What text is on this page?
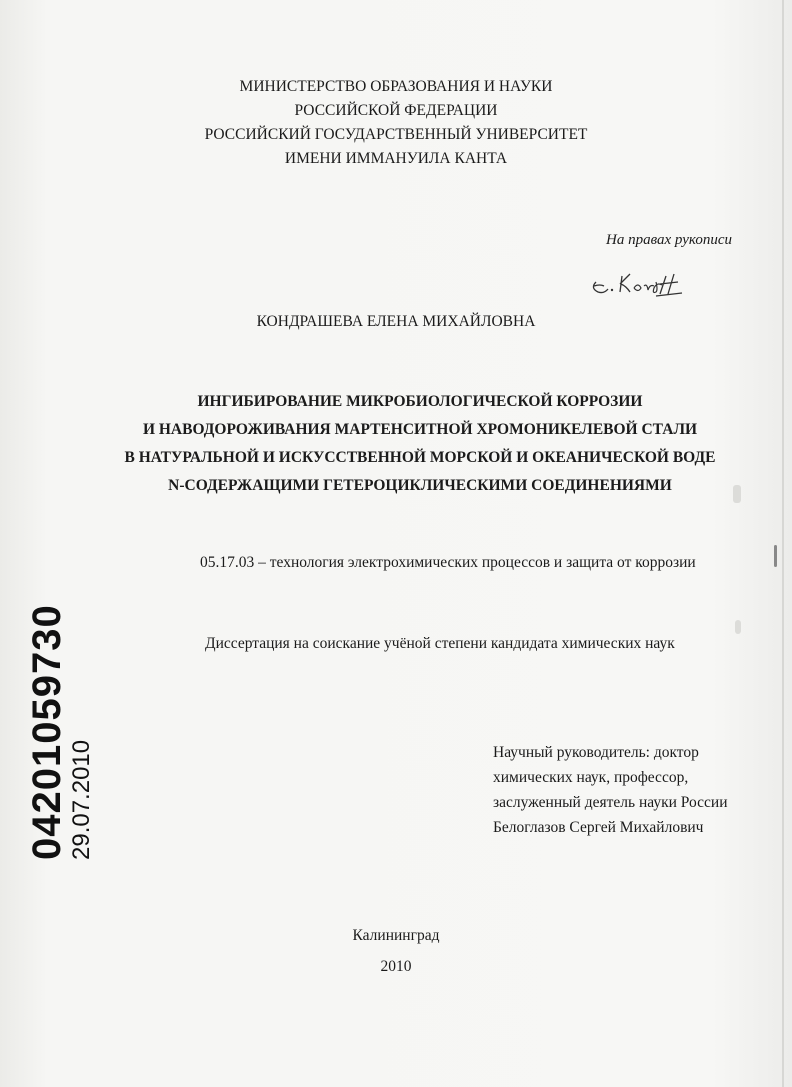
МИНИСТЕРСТВО ОБРАЗОВАНИЯ И НАУКИ
РОССИЙСКОЙ ФЕДЕРАЦИИ
РОССИЙСКИЙ ГОСУДАРСТВЕННЫЙ УНИВЕРСИТЕТ
ИМЕНИ ИММАНУИЛА КАНТА
На правах рукописи
КОНДРАШЕВА ЕЛЕНА МИХАЙЛОВНА
ИНГИБИРОВАНИЕ МИКРОБИОЛОГИЧЕСКОЙ КОРРОЗИИ
И НАВОДОРОЖИВАНИЯ МАРТЕНСИТНОЙ ХРОМОНИКЕЛЕВОЙ СТАЛИ
В НАТУРАЛЬНОЙ И ИСКУССТВЕННОЙ МОРСКОЙ И ОКЕАНИЧЕСКОЙ ВОДЕ
N-СОДЕРЖАЩИМИ ГЕТЕРОЦИКЛИЧЕСКИМИ СОЕДИНЕНИЯМИ
05.17.03 – технология электрохимических процессов и защита от коррозии
Диссертация на соискание учёной степени кандидата химических наук
04201059730 29.07.2010	Научный руководитель: доктор
химических наук, профессор,
заслуженный деятель науки России
Белоглазов Сергей Михайлович
Калининград
2010
